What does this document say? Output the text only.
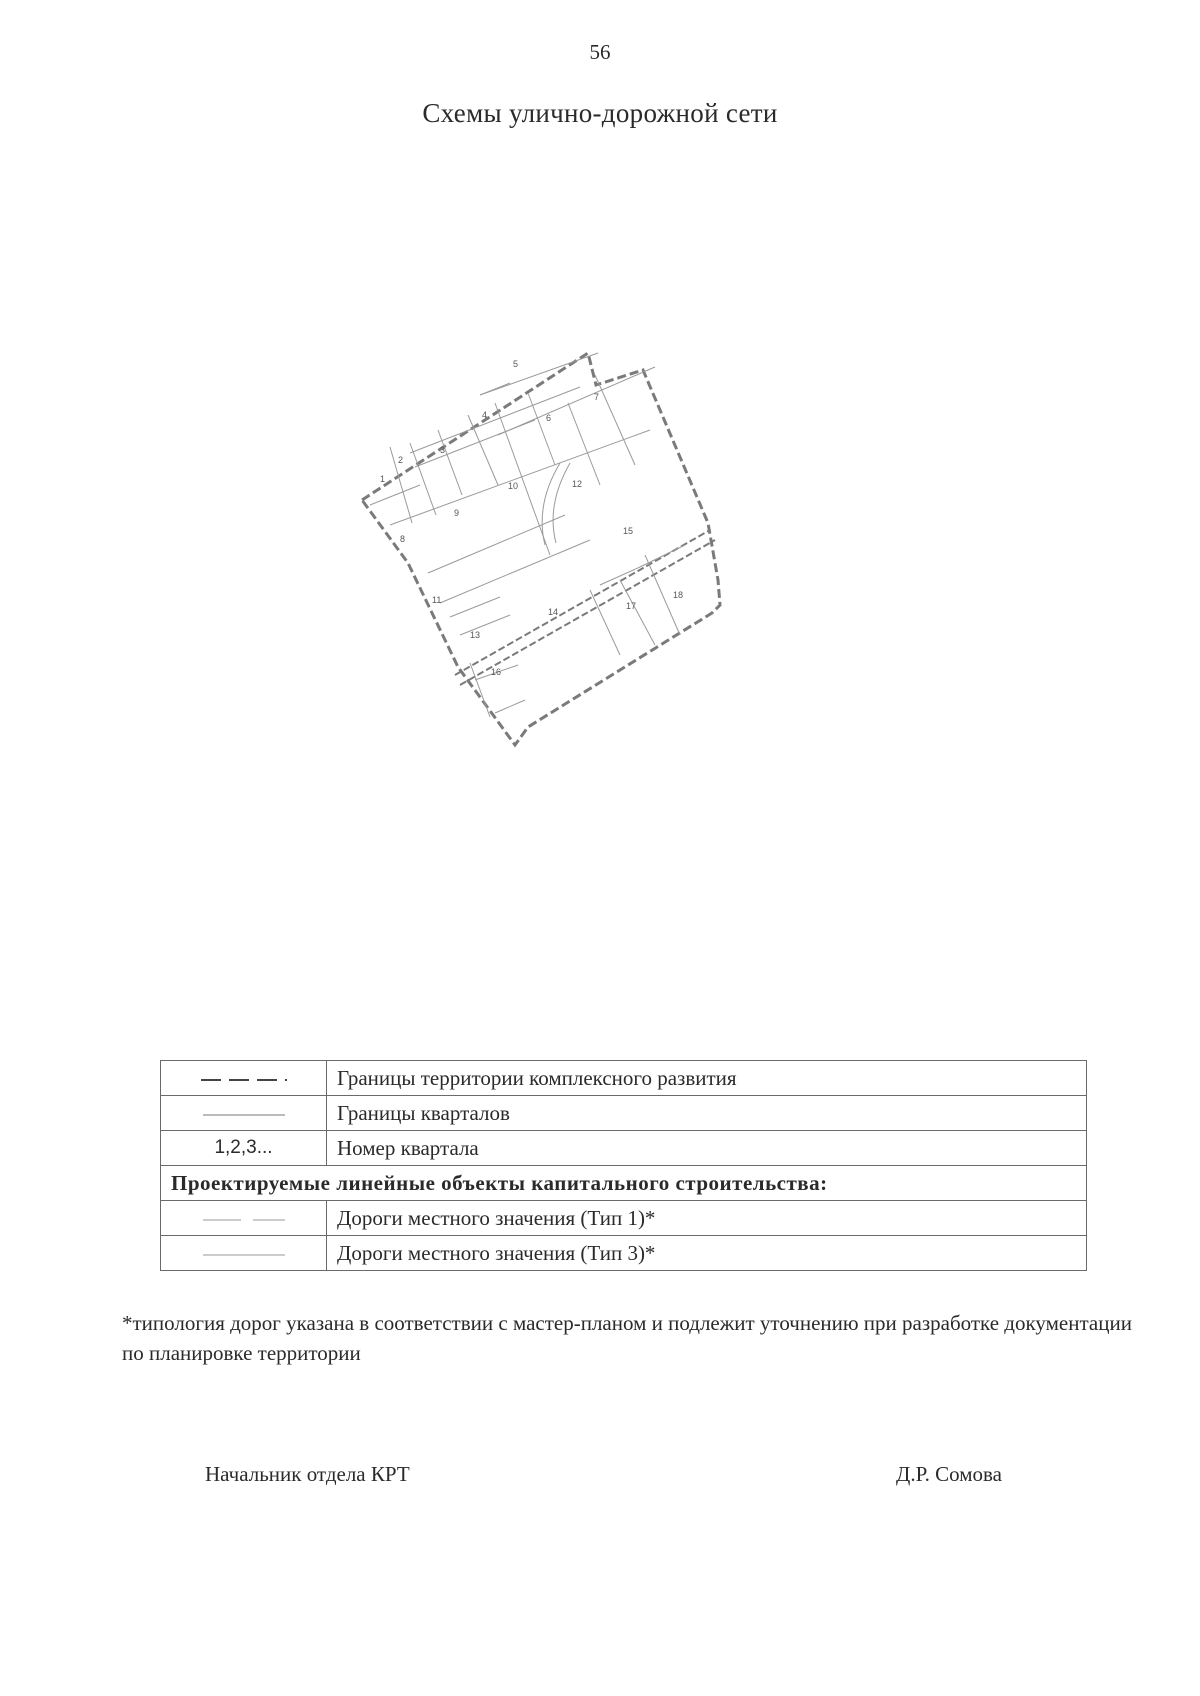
56
Схемы улично-дорожной сети
1
2
3
4
5
6
7
8
9
10
11
12
13
14
15
16
17
18
	Границы территории комплексного развития
	Границы кварталов
1,2,3...	Номер квартала
Проектируемые линейные объекты капитального строительства:	
	Дороги местного значения (Тип 1)*
	Дороги местного значения (Тип 3)*
*типология дорог указана в соответствии с мастер-планом и подлежит уточнению при разработке документации по планировке территории
Начальник отдела КРТ	Д.Р. Сомова
